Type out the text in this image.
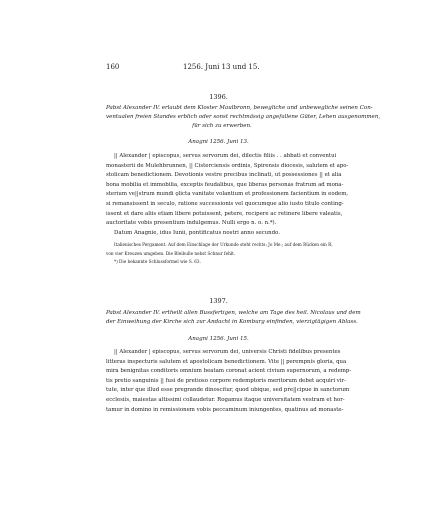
160	1256. Juni 13 und 15.
1396.
Pabst Alexander IV. erlaubt dem Kloster Maulbronn, bewegliche und unbewegliche seinen Con-
ventualen freien Standes erblich oder sonst rechtmässig angefallene Güter, Lehen ausgenommen,
für sich zu erwerben.
Anagni 1256. Juni 13.
|| Alexander | episcopus, servus servorum dei, dilectis filiis . . abbati et conventui
monasterii de Mulehbrunnen, || Cisterciensis ordinis, Spirensis diocesis, salutem et apo-
stolicam benedictionem. Devotionis vestre precibus inclinati, ut possessiones || et alia
bona mobilia et immobilia, exceptis feudalibus, que liberas personas fratrum ad mona-
sterium ve||strum mundi ǫlicta vanitate volantium et professionem facientium in eodem,
si remansissent in seculo, ratione successionis vel quocumque alio iusto titulo conting-
issent et dare aliis etiam libere potuissent, petere, recipere ac retinere libere valeatis,
auctoritate vobis presentium indulgemus. Nulli ergo n. o. n.*).
Datum Anagnie, idus Iunii, pontificatus nostri anno secundo.
Italienisches Pergament. Auf dem Einschlage der Urkunde steht rechts: Jo Me.; auf dem Rücken ein R,
von vier Kreuzen umgeben. Die Bleibulle nebst Schnur fehlt.
*) Die bekannte Schlussformel wie S. 63.
1397.
Pabst Alexander IV. ertheilt allen Bussfertigen, welche am Tage des heil. Nicolaus und dem
der Einweihung der Kirche sich zur Andacht in Komburg einfinden, vierzigtägigen Ablass.
Anagni 1256. Juni 15.
|| Alexander | episcopus, servus servorum dei, universis Christi fidelibus presentes
litteras inspecturis salutem et apostolicam benedictionem. Vite || perempnis gloria, qua
mira benignitas conditoris omnium beatam coronat acient civium supernorum, a redemp-
tis pretio sanguinis || fusi de pretioso corpore redemptoris meritorum debet acquiri vir-
tute, inter que illud esse pregrande dinoscitur, quod ubique, sed pre||cipue in sanctorum
ecclesiis, maiestas altissimi collaudetur. Rogamus itaque universitatem vestram et hor-
tamur in domino in remissionem vobis peccaminum iniungentes, quatinus ad monaste-
